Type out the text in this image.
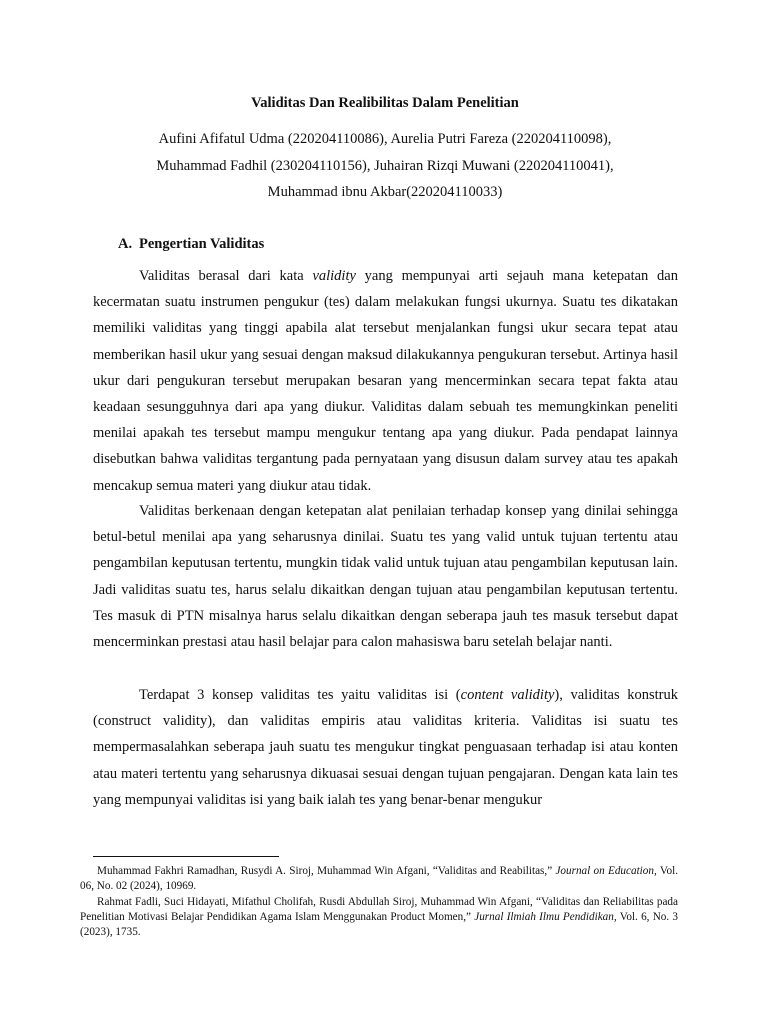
Validitas Dan Realibilitas Dalam Penelitian
Aufini Afifatul Udma (220204110086), Aurelia Putri Fareza (220204110098),
Muhammad Fadhil (230204110156), Juhairan Rizqi Muwani (220204110041),
Muhammad ibnu Akbar(220204110033)
A. Pengertian Validitas

Validitas berasal dari kata validity yang mempunyai arti sejauh mana ketepatan dan kecermatan suatu instrumen pengukur (tes) dalam melakukan fungsi ukurnya. Suatu tes dikatakan memiliki validitas yang tinggi apabila alat tersebut menjalankan fungsi ukur secara tepat atau memberikan hasil ukur yang sesuai dengan maksud dilakukannya pengukuran tersebut. Artinya hasil ukur dari pengukuran tersebut merupakan besaran yang mencerminkan secara tepat fakta atau keadaan sesungguhnya dari apa yang diukur. Validitas dalam sebuah tes memungkinkan peneliti menilai apakah tes tersebut mampu mengukur tentang apa yang diukur. Pada pendapat lainnya disebutkan bahwa validitas tergantung pada pernyataan yang disusun dalam survey atau tes apakah mencakup semua materi yang diukur atau tidak.

Validitas berkenaan dengan ketepatan alat penilaian terhadap konsep yang dinilai sehingga betul-betul menilai apa yang seharusnya dinilai. Suatu tes yang valid untuk tujuan tertentu atau pengambilan keputusan tertentu, mungkin tidak valid untuk tujuan atau pengambilan keputusan lain. Jadi validitas suatu tes, harus selalu dikaitkan dengan tujuan atau pengambilan keputusan tertentu. Tes masuk di PTN misalnya harus selalu dikaitkan dengan seberapa jauh tes masuk tersebut dapat mencerminkan prestasi atau hasil belajar para calon mahasiswa baru setelah belajar nanti.

Terdapat 3 konsep validitas tes yaitu validitas isi (content validity), validitas konstruk (construct validity), dan validitas empiris atau validitas kriteria. Validitas isi suatu tes mempermasalahkan seberapa jauh suatu tes mengukur tingkat penguasaan terhadap isi atau konten atau materi tertentu yang seharusnya dikuasai sesuai dengan tujuan pengajaran. Dengan kata lain tes yang mempunyai validitas isi yang baik ialah tes yang benar-benar mengukur

Muhammad Fakhri Ramadhan, Rusydi A. Siroj, Muhammad Win Afgani, “Validitas and Reabilitas,” Journal on Education, Vol. 06, No. 02 (2024), 10969.

Rahmat Fadli, Suci Hidayati, Mifathul Cholifah, Rusdi Abdullah Siroj, Muhammad Win Afgani, “Validitas dan Reliabilitas pada Penelitian Motivasi Belajar Pendidikan Agama Islam Menggunakan Product Momen,” Jurnal Ilmiah Ilmu Pendidikan, Vol. 6, No. 3 (2023), 1735.
